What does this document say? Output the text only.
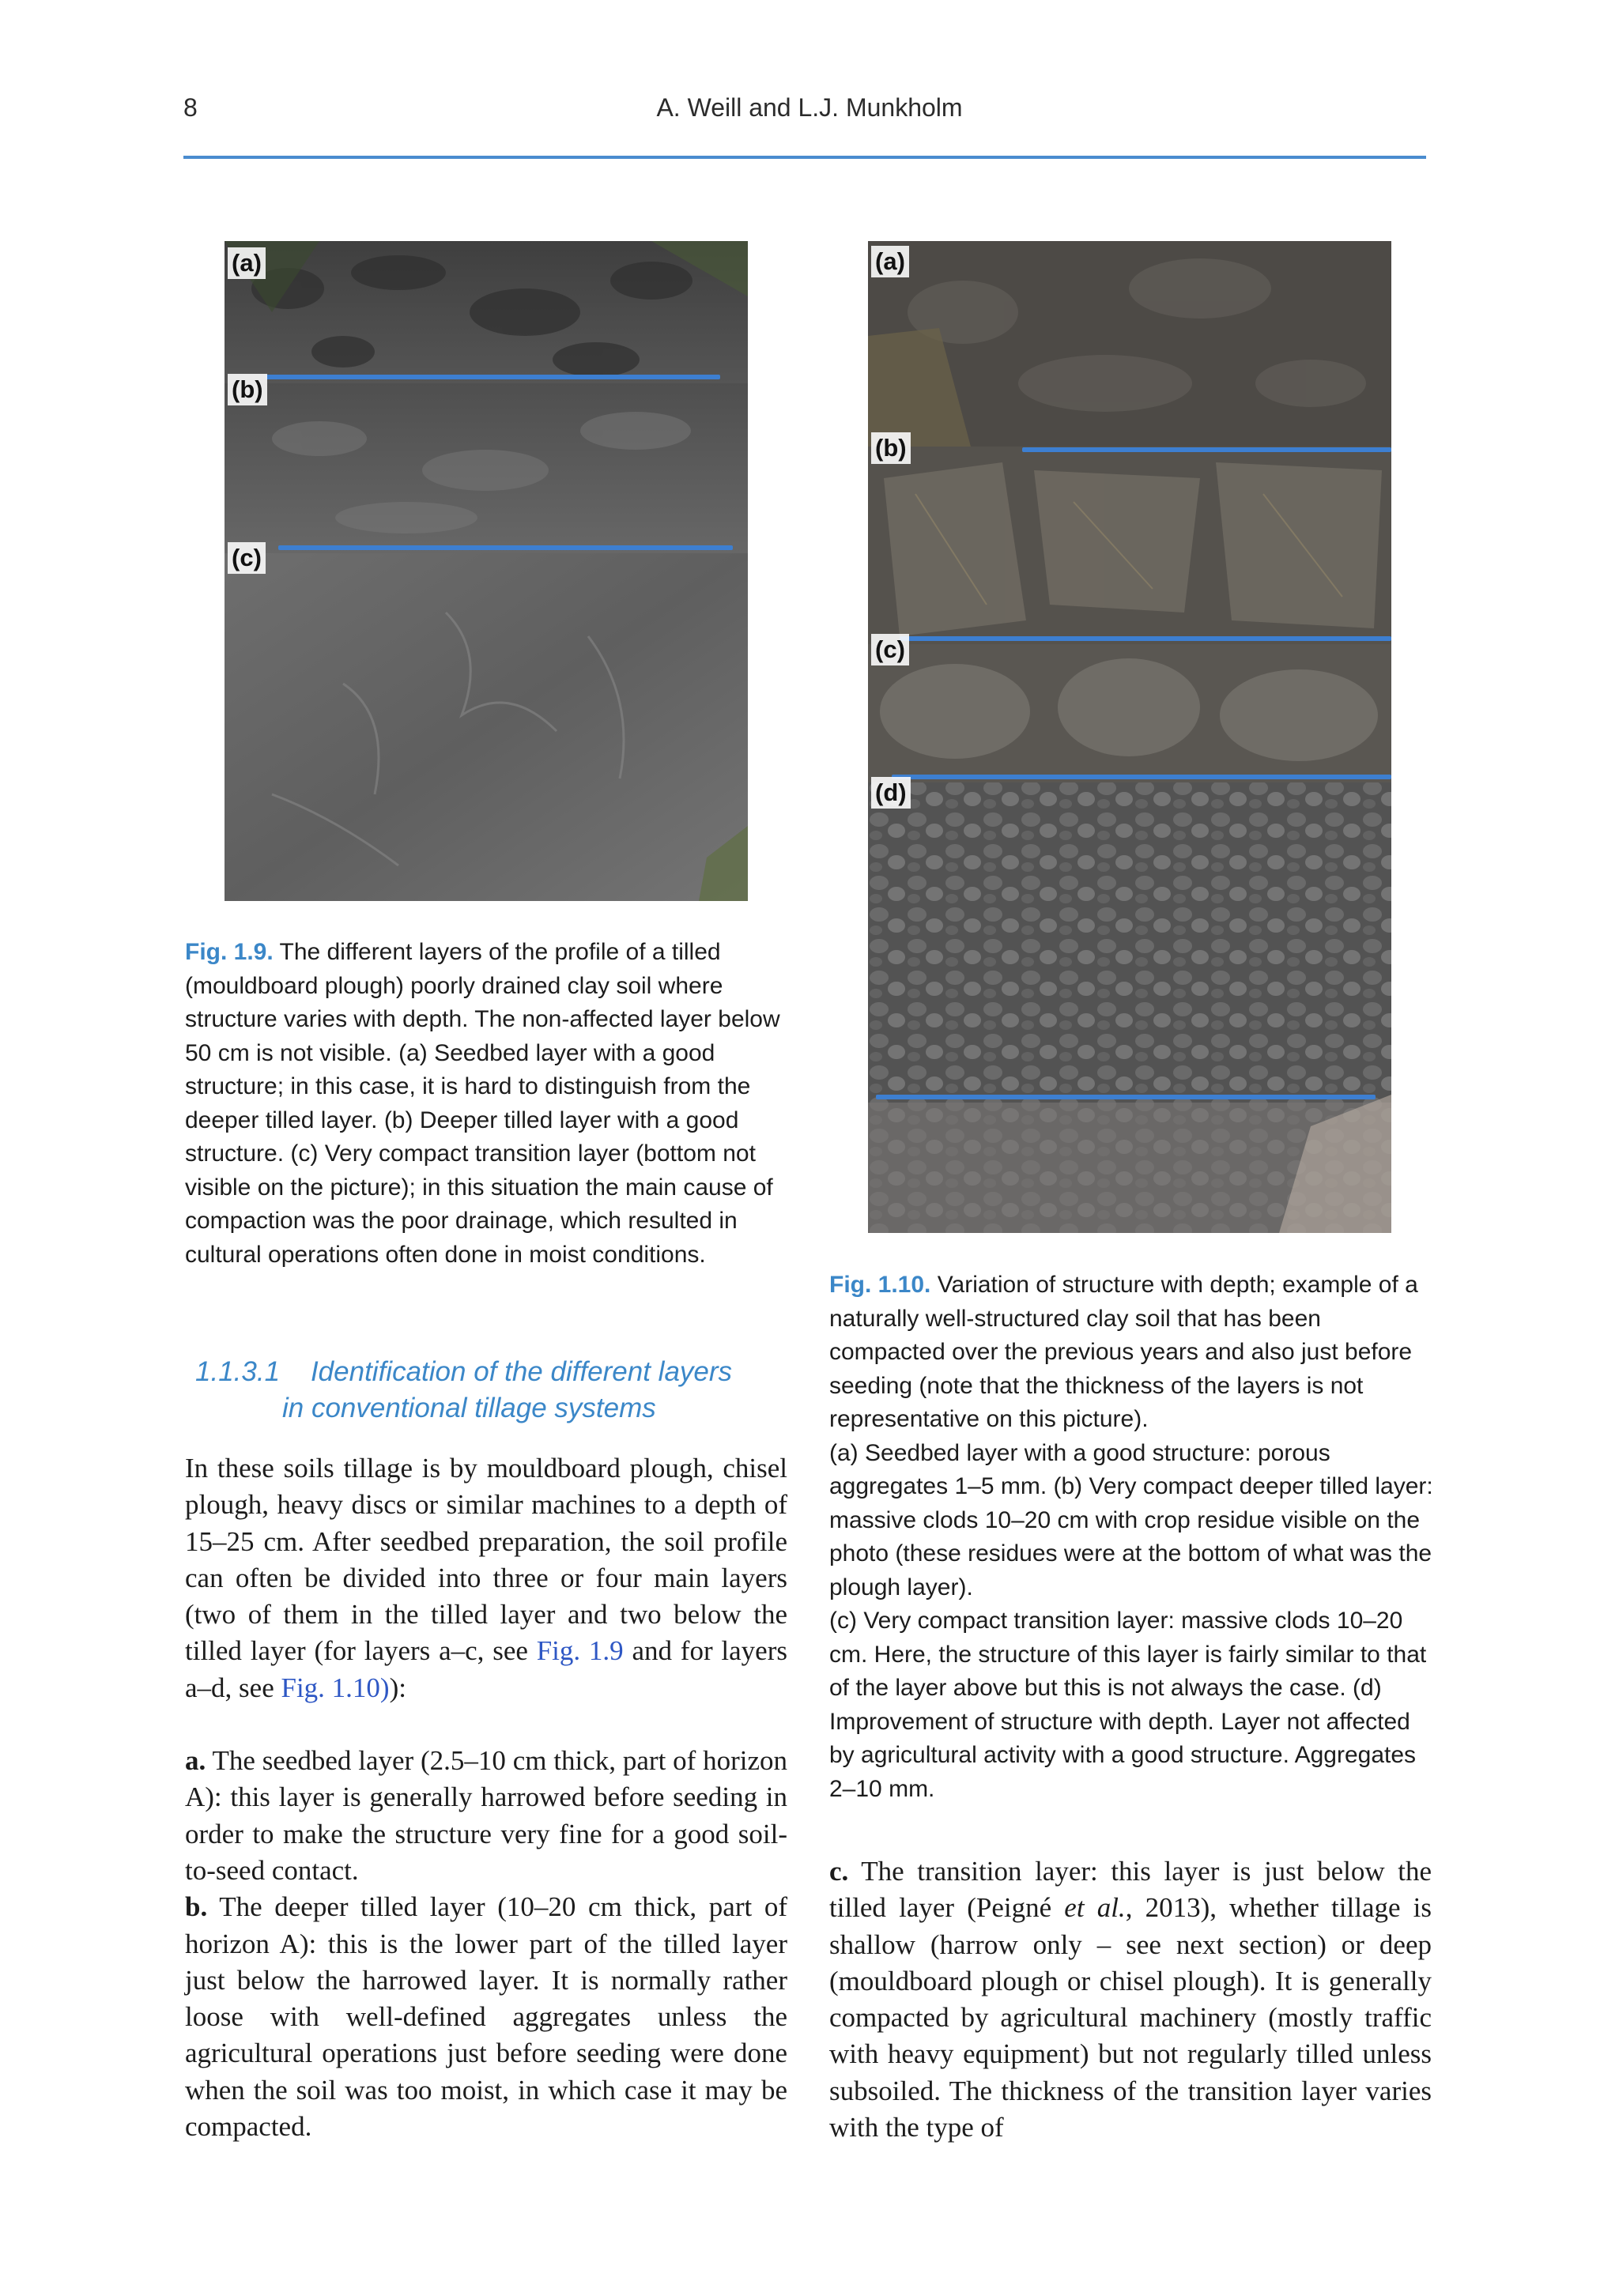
8	A. Weill and L.J. Munkholm
(a)
(b)
(c)
(a)
(b)
(c)
(d)
Fig. 1.9. The different layers of the profile of a tilled (mouldboard plough) poorly drained clay soil where structure varies with depth. The non-affected layer below 50 cm is not visible. (a) Seedbed layer with a good structure; in this case, it is hard to distinguish from the deeper tilled layer. (b) Deeper tilled layer with a good structure. (c) Very compact transition layer (bottom not visible on the picture); in this situation the main cause of compaction was the poor drainage, which resulted in cultural operations often done in moist conditions.
Fig. 1.10. Variation of structure with depth; example of a naturally well-structured clay soil that has been compacted over the previous years and also just before seeding (note that the thickness of the layers is not representative on this picture).
(a) Seedbed layer with a good structure: porous aggregates 1–5 mm. (b) Very compact deeper tilled layer: massive clods 10–20 cm with crop residue visible on the photo (these residues were at the bottom of what was the plough layer).
(c) Very compact transition layer: massive clods 10–20 cm. Here, the structure of this layer is fairly similar to that of the layer above but this is not always the case. (d) Improvement of structure with depth. Layer not affected by agricultural activity with a good structure. Aggregates 2–10 mm.
1.1.3.1 Identification of the different layers
in conventional tillage systems

In these soils tillage is by mouldboard plough, chisel plough, heavy discs or similar machines to a depth of 15–25 cm. After seedbed preparation, the soil profile can often be divided into three or four main layers (two of them in the tilled layer and two below the tilled layer (for layers a–c, see Fig. 1.9 and for layers a–d, see Fig. 1.10)):

a. The seedbed layer (2.5–10 cm thick, part of horizon A): this layer is generally harrowed before seeding in order to make the structure very fine for a good soil-to-seed contact.

b. The deeper tilled layer (10–20 cm thick, part of horizon A): this is the lower part of the tilled layer just below the harrowed layer. It is normally rather loose with well-defined aggregates unless the agricultural operations just before seeding were done when the soil was too moist, in which case it may be compacted.

c. The transition layer: this layer is just below the tilled layer (Peigné et al., 2013), whether tillage is shallow (harrow only – see next section) or deep (mouldboard plough or chisel plough). It is generally compacted by agricultural machinery (mostly traffic with heavy equipment) but not regularly tilled unless subsoiled. The thickness of the transition layer varies with the type of
